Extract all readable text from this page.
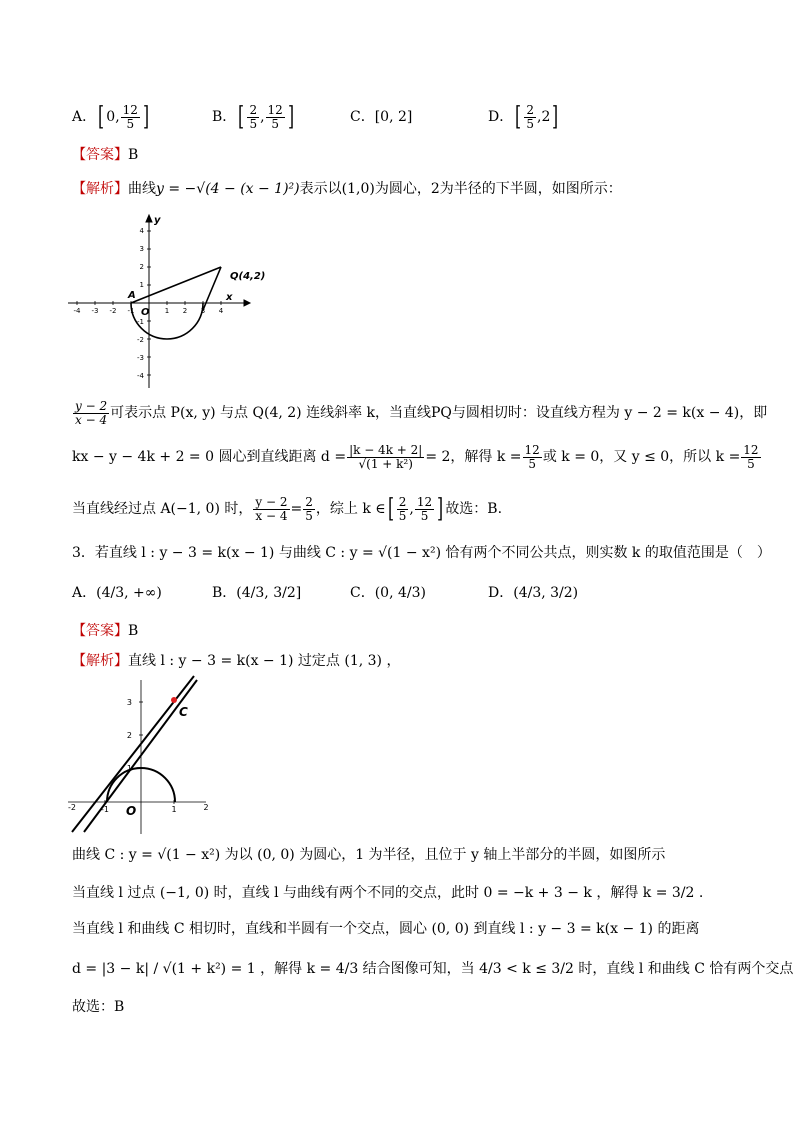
A．[ 0, $\frac{12}{5}$ ]	B．[ $\frac{2}{5}$ , $\frac{12}{5}$ ]	C．[0, 2]	D．[ $\frac{2}{5} ,2$]
【答案】B
【解析】曲线y = −√(4 − (x − 1)²)表示以(1,0)为圆心，2为半径的下半圆，如图所示：
-4 -3 -2 -1	1 2 3 4
4
3
2
1
-1
-2
-3
-4
y
x
O
A
Q(4,2)
$\frac{y - 2}{x - 4}$ 可表示点 P(x, y) 与点 Q(4, 2) 连线斜率 k，当直线PQ与圆相切时：设直线方程为 y − 2 = k(x − 4)，即
kx − y − 4k + 2 = 0 圆心到直线距离 $d = \frac{|k - 4k + 2|}{\text{√(1 + k²)}} = 2$，解得 $k = \frac{12}{5}$ 或 k = 0，又 y ≤ 0，所以 $k = \frac{12}{5}$
当直线经过点 A(−1, 0) 时， $\frac{y - 2}{x - 4} = \frac{2}{5}$ ，综上 k ∈[ $\frac{2}{5}$ , $\frac{12}{5}$ ] 故选：B.
3．若直线 l : y − 3 = k(x − 1) 与曲线 C : y = √(1 − x²) 恰有两个不同公共点，则实数 k 的取值范围是（　）
A．(4/3, +∞)	B．(4/3, 3/2]	C．(0, 4/3)	D．(4/3, 3/2)
【答案】B
【解析】直线 l : y − 3 = k(x − 1) 过定点 (1, 3) ，
-2	-1	1	2
3
2
1
O
C
曲线 C : y = √(1 − x²) 为以 (0, 0) 为圆心，1 为半径，且位于 y 轴上半部分的半圆，如图所示
当直线 l 过点 (−1, 0) 时，直线 l 与曲线有两个不同的交点，此时 0 = −k + 3 − k ，解得 k = 3/2 .
当直线 l 和曲线 C 相切时，直线和半圆有一个交点，圆心 (0, 0) 到直线 l : y − 3 = k(x − 1) 的距离
d = |3 − k| / √(1 + k²) = 1 ，解得 k = 4/3 结合图像可知，当 4/3 < k ≤ 3/2 时，直线 l 和曲线 C 恰有两个交点
故选：B
